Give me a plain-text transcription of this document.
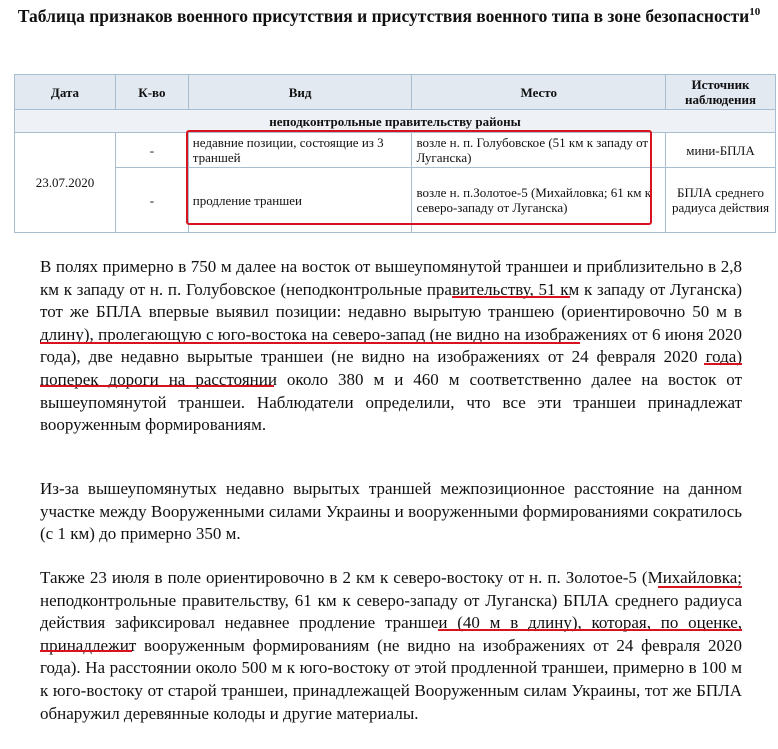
Таблица признаков военного присутствия и присутствия военного типа в зоне безопасности$^{10}$
Дата	К-во	Вид	Место	Источник наблюдения
неподконтрольные правительству районы				
23.07.2020	-	недавние позиции, состоящие из 3 траншей	возле н. п. Голубовское (51 км к западу от Луганска)	мини-БПЛА
	-	продление траншеи	возле н. п.Золотое-5 (Михайловка; 61 км к северо-западу от Луганска)	БПЛА среднего радиуса действия

В полях примерно в 750 м далее на восток от вышеупомянутой траншеи и приблизительно в 2,8 км к западу от н. п. Голубовское (неподконтрольные правительству, 51 км к западу от Луганска) тот же БПЛА впервые выявил позиции: недавно вырытую траншею (ориентировочно 50 м в длину), пролегающую с юго-востока на северо-запад (не видно на изображениях от 6 июня 2020 года), две недавно вырытые траншеи (не видно на изображениях от 24 февраля 2020 года) поперек дороги на расстоянии около 380 м и 460 м соответственно далее на восток от вышеупомянутой траншеи. Наблюдатели определили, что все эти траншеи принадлежат вооруженным формированиям.

Из-за вышеупомянутых недавно вырытых траншей межпозиционное расстояние на данном участке между Вооруженными силами Украины и вооруженными формированиями сократилось (с 1 км) до примерно 350 м.

Также 23 июля в поле ориентировочно в 2 км к северо-востоку от н. п. Золотое-5 (Михайловка; неподконтрольные правительству, 61 км к северо-западу от Луганска) БПЛА среднего радиуса действия зафиксировал недавнее продление траншеи (40 м в длину), которая, по оценке, принадлежит вооруженным формированиям (не видно на изображениях от 24 февраля 2020 года). На расстоянии около 500 м к юго-востоку от этой продленной траншеи, примерно в 100 м к юго-востоку от старой траншеи, принадлежащей Вооруженным силам Украины, тот же БПЛА обнаружил деревянные колоды и другие материалы.
